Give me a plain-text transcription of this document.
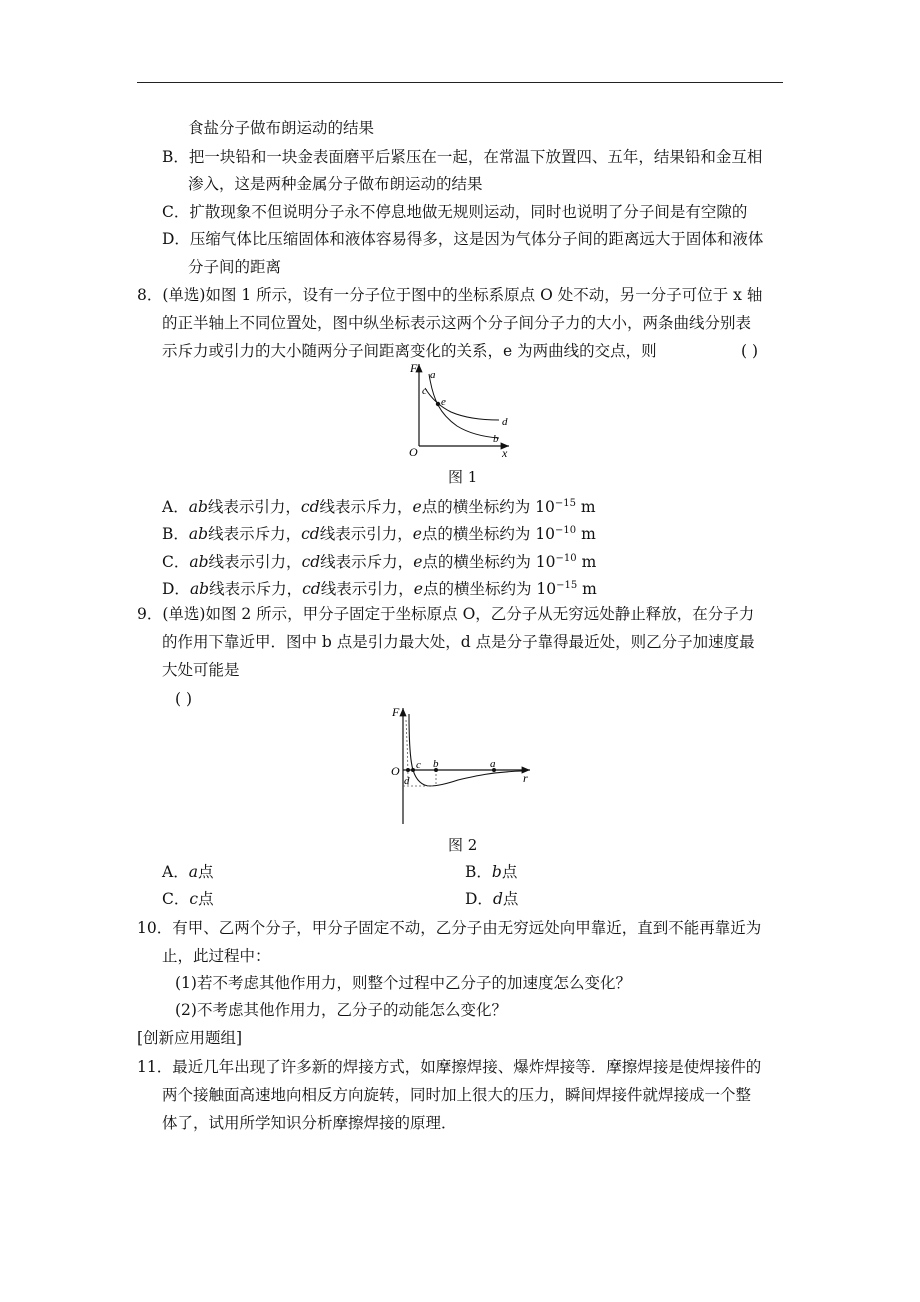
食盐分子做布朗运动的结果
B．把一块铅和一块金表面磨平后紧压在一起，在常温下放置四、五年，结果铅和金互相
渗入，这是两种金属分子做布朗运动的结果
C．扩散现象不但说明分子永不停息地做无规则运动，同时也说明了分子间是有空隙的
D．压缩气体比压缩固体和液体容易得多，这是因为气体分子间的距离远大于固体和液体
分子间的距离
8．(单选)如图 1 所示，设有一分子位于图中的坐标系原点 O 处不动，另一分子可位于 x 轴
的正半轴上不同位置处，图中纵坐标表示这两个分子间分子力的大小，两条曲线分别表
示斥力或引力的大小随两分子间距离变化的关系，e 为两曲线的交点，则	( )
F
O	x
a
c
e
d
b
图 1
A．ab线表示引力，cd线表示斥力，e点的横坐标约为 $10^{-15}$ m
B．ab线表示斥力，cd线表示引力，e点的横坐标约为 $10^{-10}$ m
C．ab线表示引力，cd线表示斥力，e点的横坐标约为 $10^{-10}$ m
D．ab线表示斥力，cd线表示引力，e点的横坐标约为 $10^{-15}$ m
9．(单选)如图 2 所示，甲分子固定于坐标原点 O，乙分子从无穷远处静止释放，在分子力
的作用下靠近甲．图中 b 点是引力最大处，d 点是分子靠得最近处，则乙分子加速度最
大处可能是
( )
F
O	r
d
c b	a
图 2
A．a点	B．b点
C．c点	D．d点
10．有甲、乙两个分子，甲分子固定不动，乙分子由无穷远处向甲靠近，直到不能再靠近为
止，此过程中：
(1)若不考虑其他作用力，则整个过程中乙分子的加速度怎么变化？
(2)不考虑其他作用力，乙分子的动能怎么变化？
[创新应用题组]
11．最近几年出现了许多新的焊接方式，如摩擦焊接、爆炸焊接等．摩擦焊接是使焊接件的
两个接触面高速地向相反方向旋转，同时加上很大的压力，瞬间焊接件就焊接成一个整
体了，试用所学知识分析摩擦焊接的原理．
